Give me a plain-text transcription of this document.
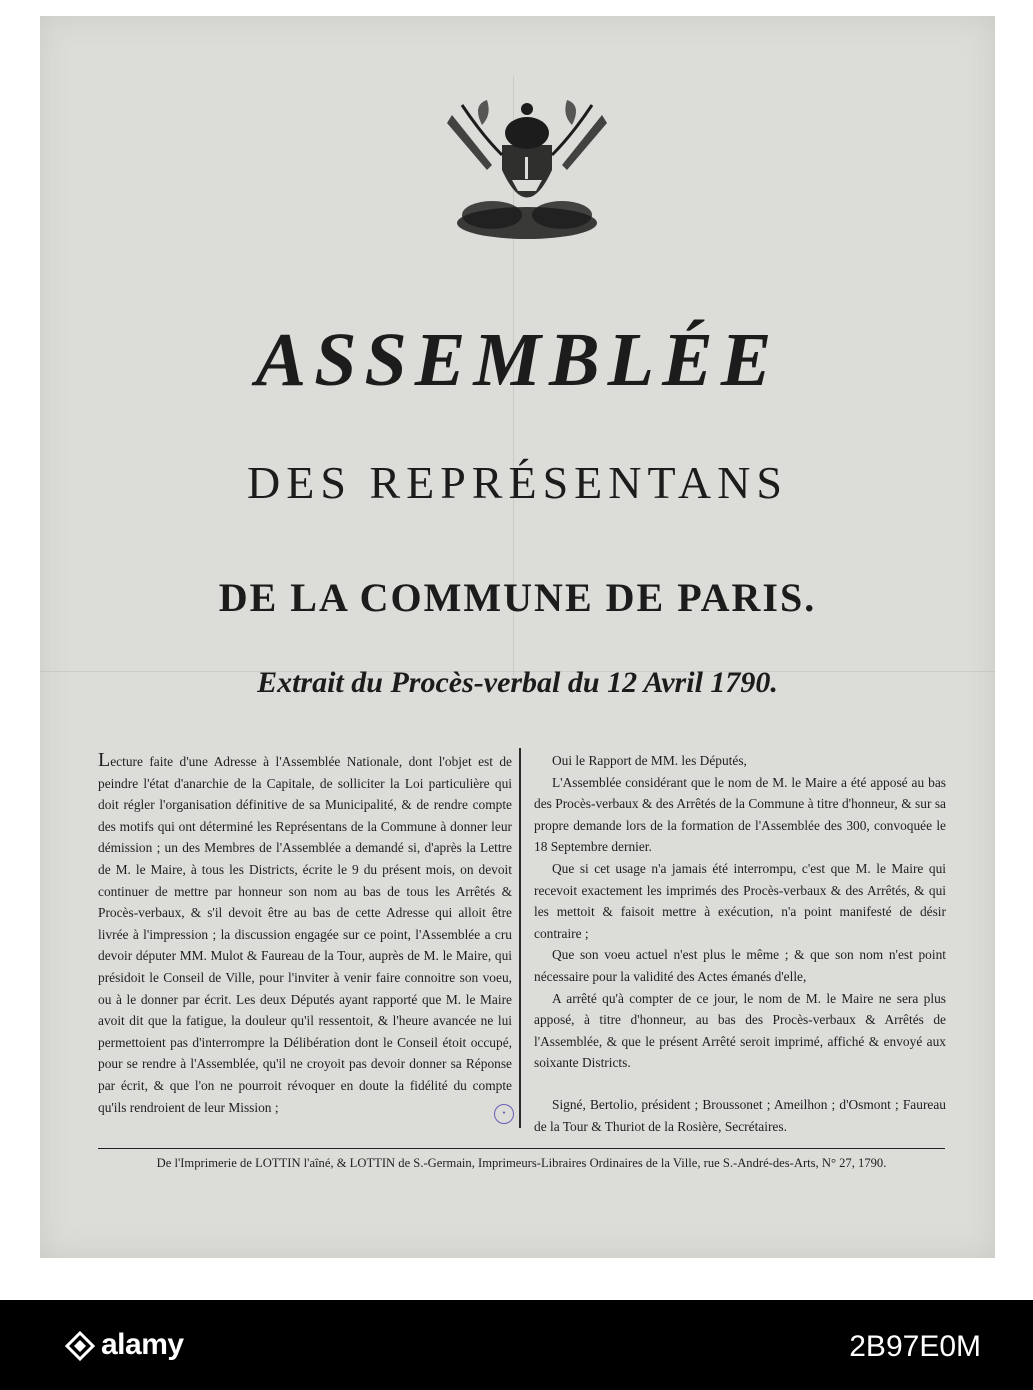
ASSEMBLÉE
DES REPRÉSENTANS
DE LA COMMUNE DE PARIS.
Extrait du Procès-verbal du 12 Avril 1790.

Lecture faite d'une Adresse à l'Assemblée Nationale, dont l'objet est de peindre l'état d'anarchie de la Capitale, de solliciter la Loi particulière qui doit régler l'organisation définitive de sa Municipalité, & de rendre compte des motifs qui ont déterminé les Représentans de la Commune à donner leur démission ; un des Membres de l'Assemblée a demandé si, d'après la Lettre de M. le Maire, à tous les Districts, écrite le 9 du présent mois, on devoit continuer de mettre par honneur son nom au bas de tous les Arrêtés & Procès-verbaux, & s'il devoit être au bas de cette Adresse qui alloit être livrée à l'impression ; la discussion engagée sur ce point, l'Assemblée a cru devoir députer MM. Mulot & Faureau de la Tour, auprès de M. le Maire, qui présidoit le Conseil de Ville, pour l'inviter à venir faire connoitre son voeu, ou à le donner par écrit. Les deux Députés ayant rapporté que M. le Maire avoit dit que la fatigue, la douleur qu'il ressentoit, & l'heure avancée ne lui permettoient pas d'interrompre la Délibération dont le Conseil étoit occupé, pour se rendre à l'Assemblée, qu'il ne croyoit pas devoir donner sa Réponse par écrit, & que l'on ne pourroit révoquer en doute la fidélité du compte qu'ils rendroient de leur Mission ;

Oui le Rapport de MM. les Députés,

L'Assemblée considérant que le nom de M. le Maire a été apposé au bas des Procès-verbaux & des Arrêtés de la Commune à titre d'honneur, & sur sa propre demande lors de la formation de l'Assemblée des 300, convoquée le 18 Septembre dernier.

Que si cet usage n'a jamais été interrompu, c'est que M. le Maire qui recevoit exactement les imprimés des Procès-verbaux & des Arrêtés, & qui les mettoit & faisoit mettre à exécution, n'a point manifesté de désir contraire ;

Que son voeu actuel n'est plus le même ; & que son nom n'est point nécessaire pour la validité des Actes émanés d'elle,

A arrêté qu'à compter de ce jour, le nom de M. le Maire ne sera plus apposé, à titre d'honneur, au bas des Procès-verbaux & Arrêtés de l'Assemblée, & que le présent Arrêté seroit imprimé, affiché & envoyé aux soixante Districts.

Signé, Bertolio, président ; Broussonet ; Ameilhon ; d'Osmont ; Faureau de la Tour & Thuriot de la Rosière, Secrétaires.

●
De l'Imprimerie de LOTTIN l'aîné, & LOTTIN de S.-Germain, Imprimeurs-Libraires Ordinaires de la Ville, rue S.-André-des-Arts, N° 27, 1790.
alamy	2B97E0M
